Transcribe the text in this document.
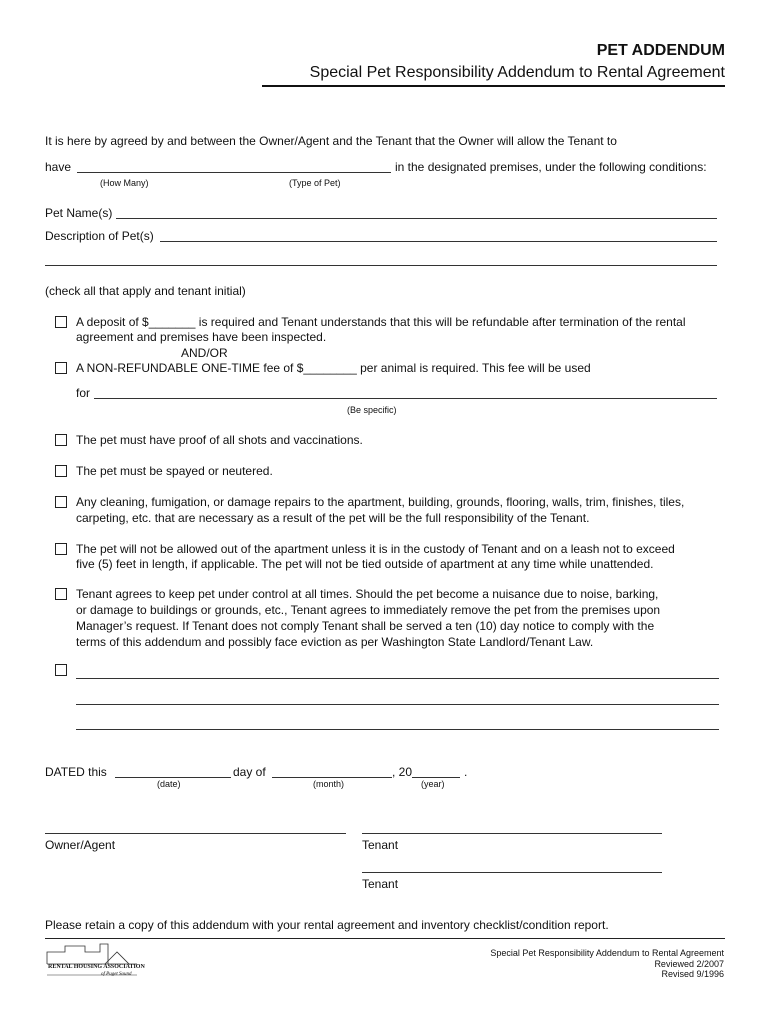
PET ADDENDUM
Special Pet Responsibility Addendum to Rental Agreement
It is here by agreed by and between the Owner/Agent and the Tenant that the Owner will allow the Tenant to
have	in the designated premises, under the following conditions:
(How Many)	(Type of Pet)
Pet Name(s)
Description of Pet(s)
(check all that apply and tenant initial)
A deposit of $_______ is required and Tenant understands that this will be refundable after termination of the rental
agreement and premises have been inspected.
AND/OR
A NON-REFUNDABLE ONE-TIME fee of $________ per animal is required. This fee will be used
for
(Be specific)
The pet must have proof of all shots and vaccinations.
The pet must be spayed or neutered.
Any cleaning, fumigation, or damage repairs to the apartment, building, grounds, flooring, walls, trim, finishes, tiles,
carpeting, etc. that are necessary as a result of the pet will be the full responsibility of the Tenant.
The pet will not be allowed out of the apartment unless it is in the custody of Tenant and on a leash not to exceed
five (5) feet in length, if applicable. The pet will not be tied outside of apartment at any time while unattended.
Tenant agrees to keep pet under control at all times. Should the pet become a nuisance due to noise, barking,
or damage to buildings or grounds, etc., Tenant agrees to immediately remove the pet from the premises upon
Manager’s request. If Tenant does not comply Tenant shall be served a ten (10) day notice to comply with the
terms of this addendum and possibly face eviction as per Washington State Landlord/Tenant Law.
DATED this	day of	, 20	.
(date)	(month)	(year)
Owner/Agent	Tenant
Tenant
Please retain a copy of this addendum with your rental agreement and inventory checklist/condition report.
RENTAL HOUSING ASSOCIATION
of Puget Sound
Special Pet Responsibility Addendum to Rental Agreement
Reviewed 2/2007
Revised 9/1996
